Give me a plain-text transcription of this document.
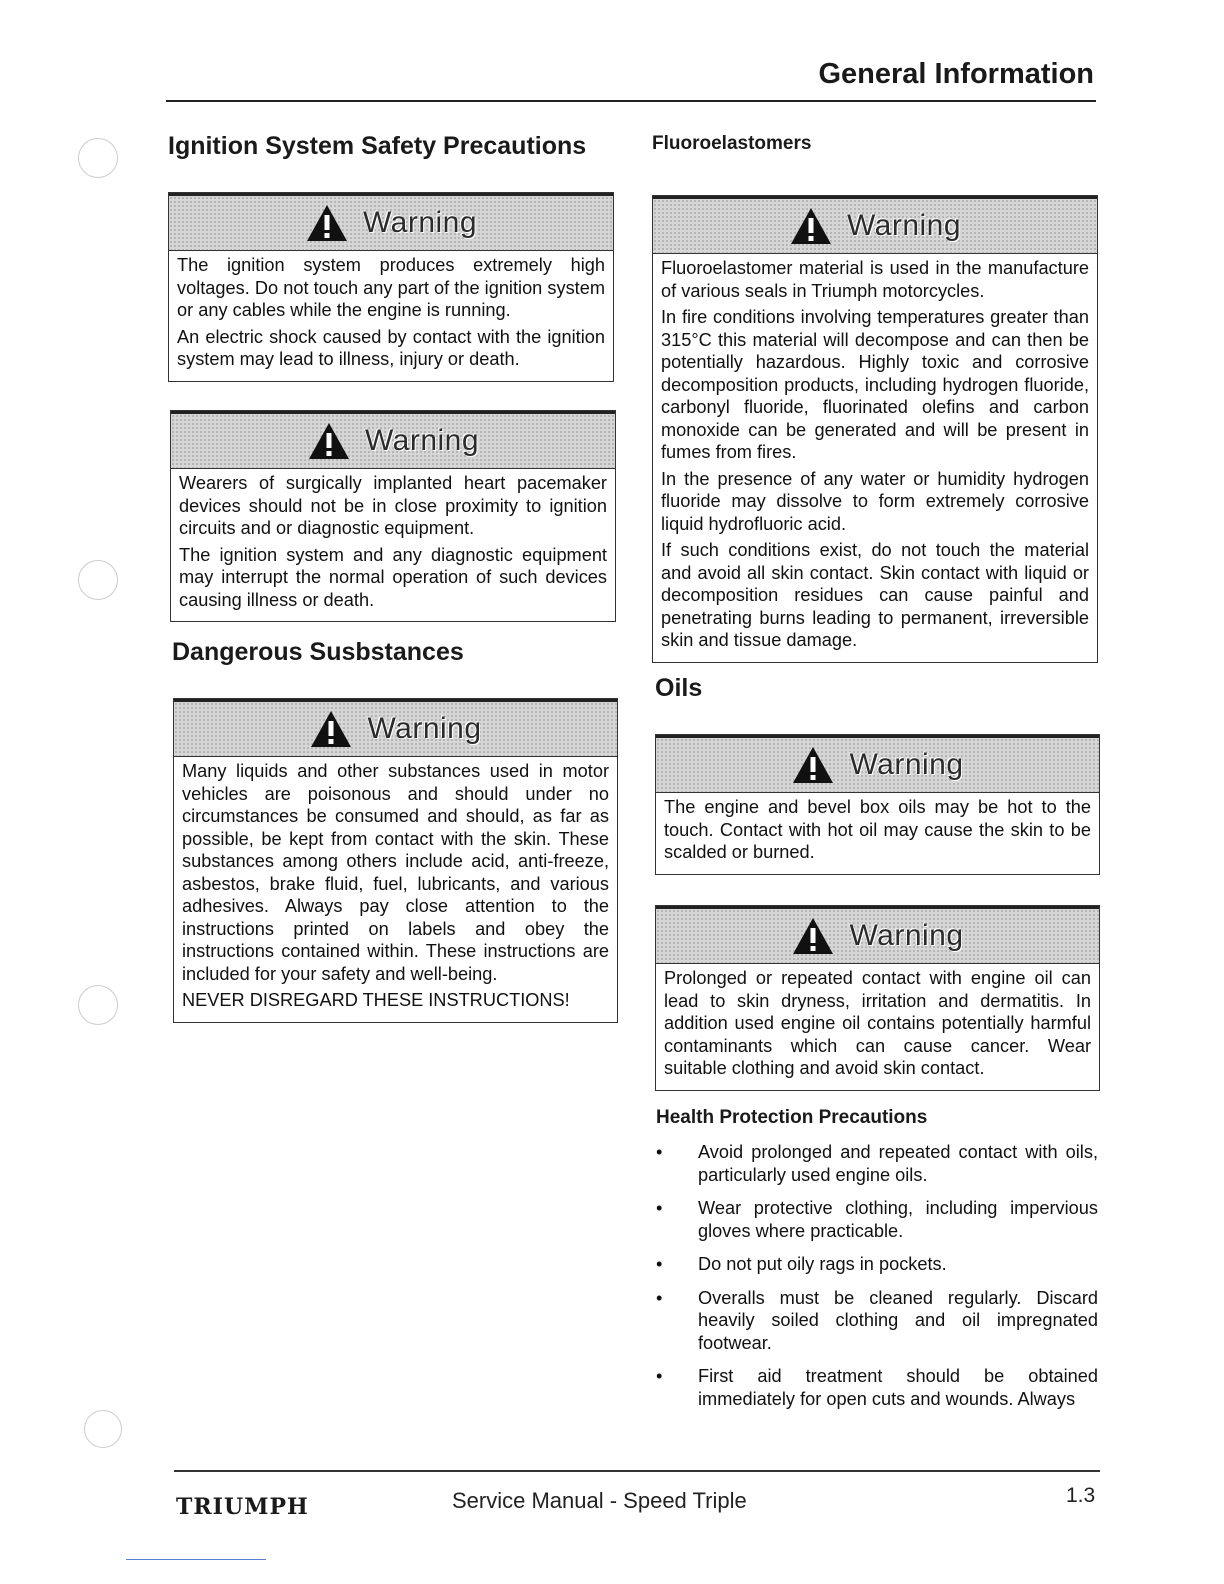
General Information
Ignition System Safety Precautions
Warning

The ignition system produces extremely high voltages. Do not touch any part of the ignition system or any cables while the engine is running.

An electric shock caused by contact with the ignition system may lead to illness, injury or death.

Warning

Wearers of surgically implanted heart pacemaker devices should not be in close proximity to ignition circuits and or diagnostic equipment.

The ignition system and any diagnostic equipment may interrupt the normal operation of such devices causing illness or death.

Dangerous Susbstances
Warning

Many liquids and other substances used in motor vehicles are poisonous and should under no circumstances be consumed and should, as far as possible, be kept from contact with the skin. These substances among others include acid, anti-freeze, asbestos, brake fluid, fuel, lubricants, and various adhesives. Always pay close attention to the instructions printed on labels and obey the instructions contained within. These instructions are included for your safety and well-being.

NEVER DISREGARD THESE INSTRUCTIONS!

Fluoroelastomers
Warning

Fluoroelastomer material is used in the manufacture of various seals in Triumph motorcycles.

In fire conditions involving temperatures greater than 315°C this material will decompose and can then be potentially hazardous. Highly toxic and corrosive decomposition products, including hydrogen fluoride, carbonyl fluoride, fluorinated olefins and carbon monoxide can be generated and will be present in fumes from fires.

In the presence of any water or humidity hydrogen fluoride may dissolve to form extremely corrosive liquid hydrofluoric acid.

If such conditions exist, do not touch the material and avoid all skin contact. Skin contact with liquid or decomposition residues can cause painful and penetrating burns leading to permanent, irreversible skin and tissue damage.

Oils
Warning

The engine and bevel box oils may be hot to the touch. Contact with hot oil may cause the skin to be scalded or burned.

Warning

Prolonged or repeated contact with engine oil can lead to skin dryness, irritation and dermatitis. In addition used engine oil contains potentially harmful contaminants which can cause cancer. Wear suitable clothing and avoid skin contact.

Health Protection Precautions
• Avoid prolonged and repeated contact with oils, particularly used engine oils.
• Wear protective clothing, including impervious gloves where practicable.
• Do not put oily rags in pockets.
• Overalls must be cleaned regularly. Discard heavily soiled clothing and oil impregnated footwear.
• First aid treatment should be obtained immediately for open cuts and wounds. Always
TRIUMPH	Service Manual - Speed Triple	1.3
